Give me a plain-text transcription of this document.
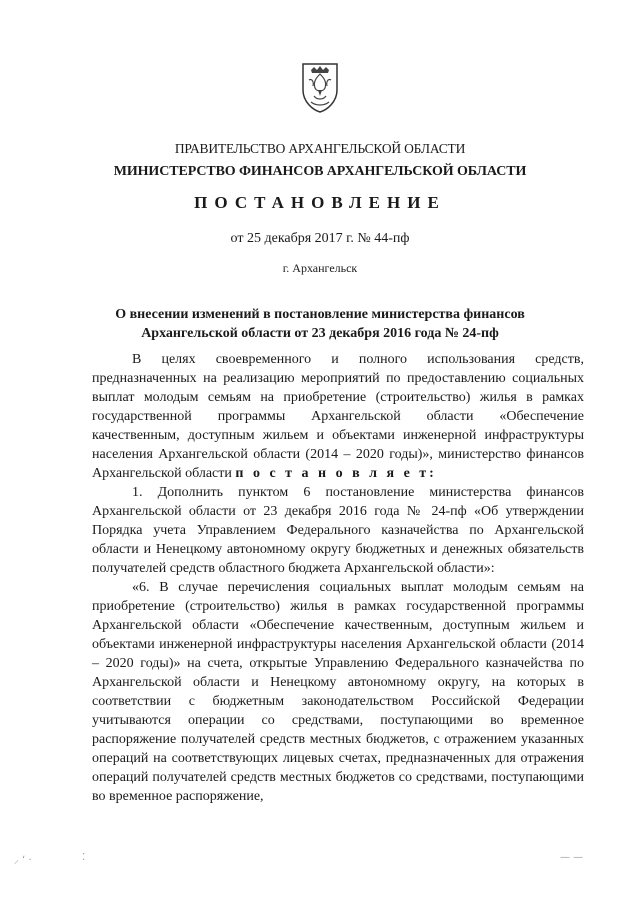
ПРАВИТЕЛЬСТВО АРХАНГЕЛЬСКОЙ ОБЛАСТИ
МИНИСТЕРСТВО ФИНАНСОВ АРХАНГЕЛЬСКОЙ ОБЛАСТИ
ПОСТАНОВЛЕНИЕ
от 25 декабря 2017 г. № 44-пф
г. Архангельск
О внесении изменений в постановление министерства финансов
Архангельской области от 23 декабря 2016 года № 24-пф

В целях своевременного и полного использования средств, предназначенных на реализацию мероприятий по предоставлению социальных выплат молодым семьям на приобретение (строительство) жилья в рамках государственной программы Архангельской области «Обеспечение качественным, доступным жильем и объектами инженерной инфраструктуры населения Архангельской области (2014 – 2020 годы)», министерство финансов Архангельской области п о с т а н о в л я е т:

1. Дополнить пунктом 6 постановление министерства финансов Архангельской области от 23 декабря 2016 года № 24-пф «Об утверждении Порядка учета Управлением Федерального казначейства по Архангельской области и Ненецкому автономному округу бюджетных и денежных обязательств получателей средств областного бюджета Архангельской области»:

«6. В случае перечисления социальных выплат молодым семьям на приобретение (строительство) жилья в рамках государственной программы Архангельской области «Обеспечение качественным, доступным жильем и объектами инженерной инфраструктуры населения Архангельской области (2014 – 2020 годы)» на счета, открытые Управлению Федерального казначейства по Архангельской области и Ненецкому автономному округу, на которых в соответствии с бюджетным законодательством Российской Федерации учитываются операции со средствами, поступающими во временное распоряжение получателей средств местных бюджетов, с отражением указанных операций на соответствующих лицевых счетах, предназначенных для отражения операций получателей средств местных бюджетов со средствами, поступающими во временное распоряжение,

⸝ ʻ ·	⁚	— —
